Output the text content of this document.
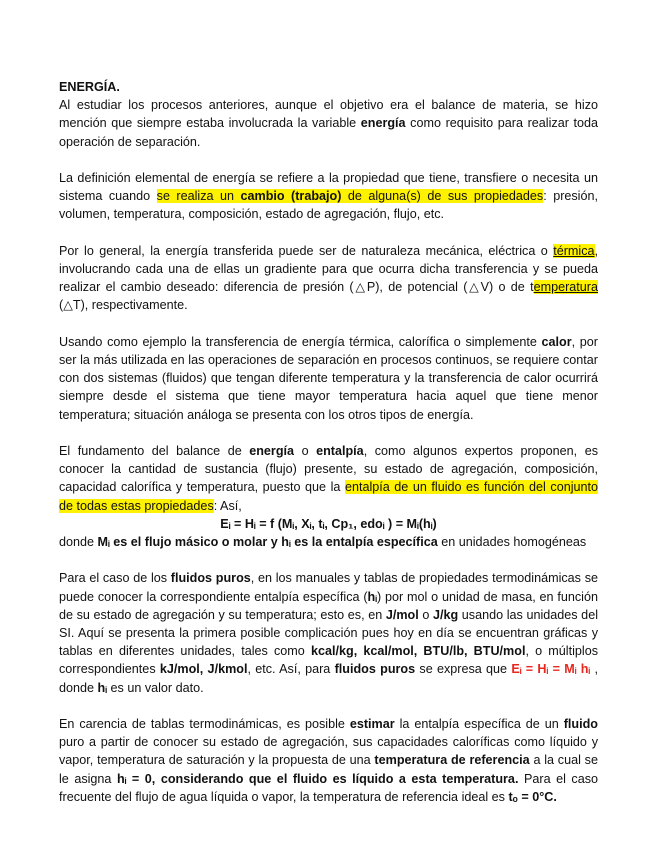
ENERGÍA.

Al estudiar los procesos anteriores, aunque el objetivo era el balance de materia, se hizo mención que siempre estaba involucrada la variable energía como requisito para realizar toda operación de separación.

La definición elemental de energía se refiere a la propiedad que tiene, transfiere o necesita un sistema cuando se realiza un cambio (trabajo) de alguna(s) de sus propiedades: presión, volumen, temperatura, composición, estado de agregación, flujo, etc.

Por lo general, la energía transferida puede ser de naturaleza mecánica, eléctrica o térmica, involucrando cada una de ellas un gradiente para que ocurra dicha transferencia y se pueda realizar el cambio deseado: diferencia de presión (△P), de potencial (△V) o de temperatura (△T), respectivamente.

Usando como ejemplo la transferencia de energía térmica, calorífica o simplemente calor, por ser la más utilizada en las operaciones de separación en procesos continuos, se requiere contar con dos sistemas (fluidos) que tengan diferente temperatura y la transferencia de calor ocurrirá siempre desde el sistema que tiene mayor temperatura hacia aquel que tiene menor temperatura; situación análoga se presenta con los otros tipos de energía.

El fundamento del balance de energía o entalpía, como algunos expertos proponen, es conocer la cantidad de sustancia (flujo) presente, su estado de agregación, composición, capacidad calorífica y temperatura, puesto que la entalpía de un fluido es función del conjunto de todas estas propiedades: Así,

Eᵢ = Hᵢ = f (Mᵢ, Xᵢ, tᵢ, Cp₁, edoᵢ ) = Mᵢ(hᵢ)

donde Mᵢ es el flujo másico o molar y hᵢ es la entalpía específica en unidades homogéneas

Para el caso de los fluidos puros, en los manuales y tablas de propiedades termodinámicas se puede conocer la correspondiente entalpía específica (hᵢ) por mol o unidad de masa, en función de su estado de agregación y su temperatura; esto es, en J/mol o J/kg usando las unidades del SI. Aquí se presenta la primera posible complicación pues hoy en día se encuentran gráficas y tablas en diferentes unidades, tales como kcal/kg, kcal/mol, BTU/lb, BTU/mol, o múltiplos correspondientes kJ/mol, J/kmol, etc. Así, para fluidos puros se expresa que Eᵢ = Hᵢ = Mᵢ hᵢ , donde hᵢ es un valor dato.

En carencia de tablas termodinámicas, es posible estimar la entalpía específica de un fluido puro a partir de conocer su estado de agregación, sus capacidades caloríficas como líquido y vapor, temperatura de saturación y la propuesta de una temperatura de referencia a la cual se le asigna hᵢ = 0, considerando que el fluido es líquido a esta temperatura. Para el caso frecuente del flujo de agua líquida o vapor, la temperatura de referencia ideal es tₒ = 0°C.
